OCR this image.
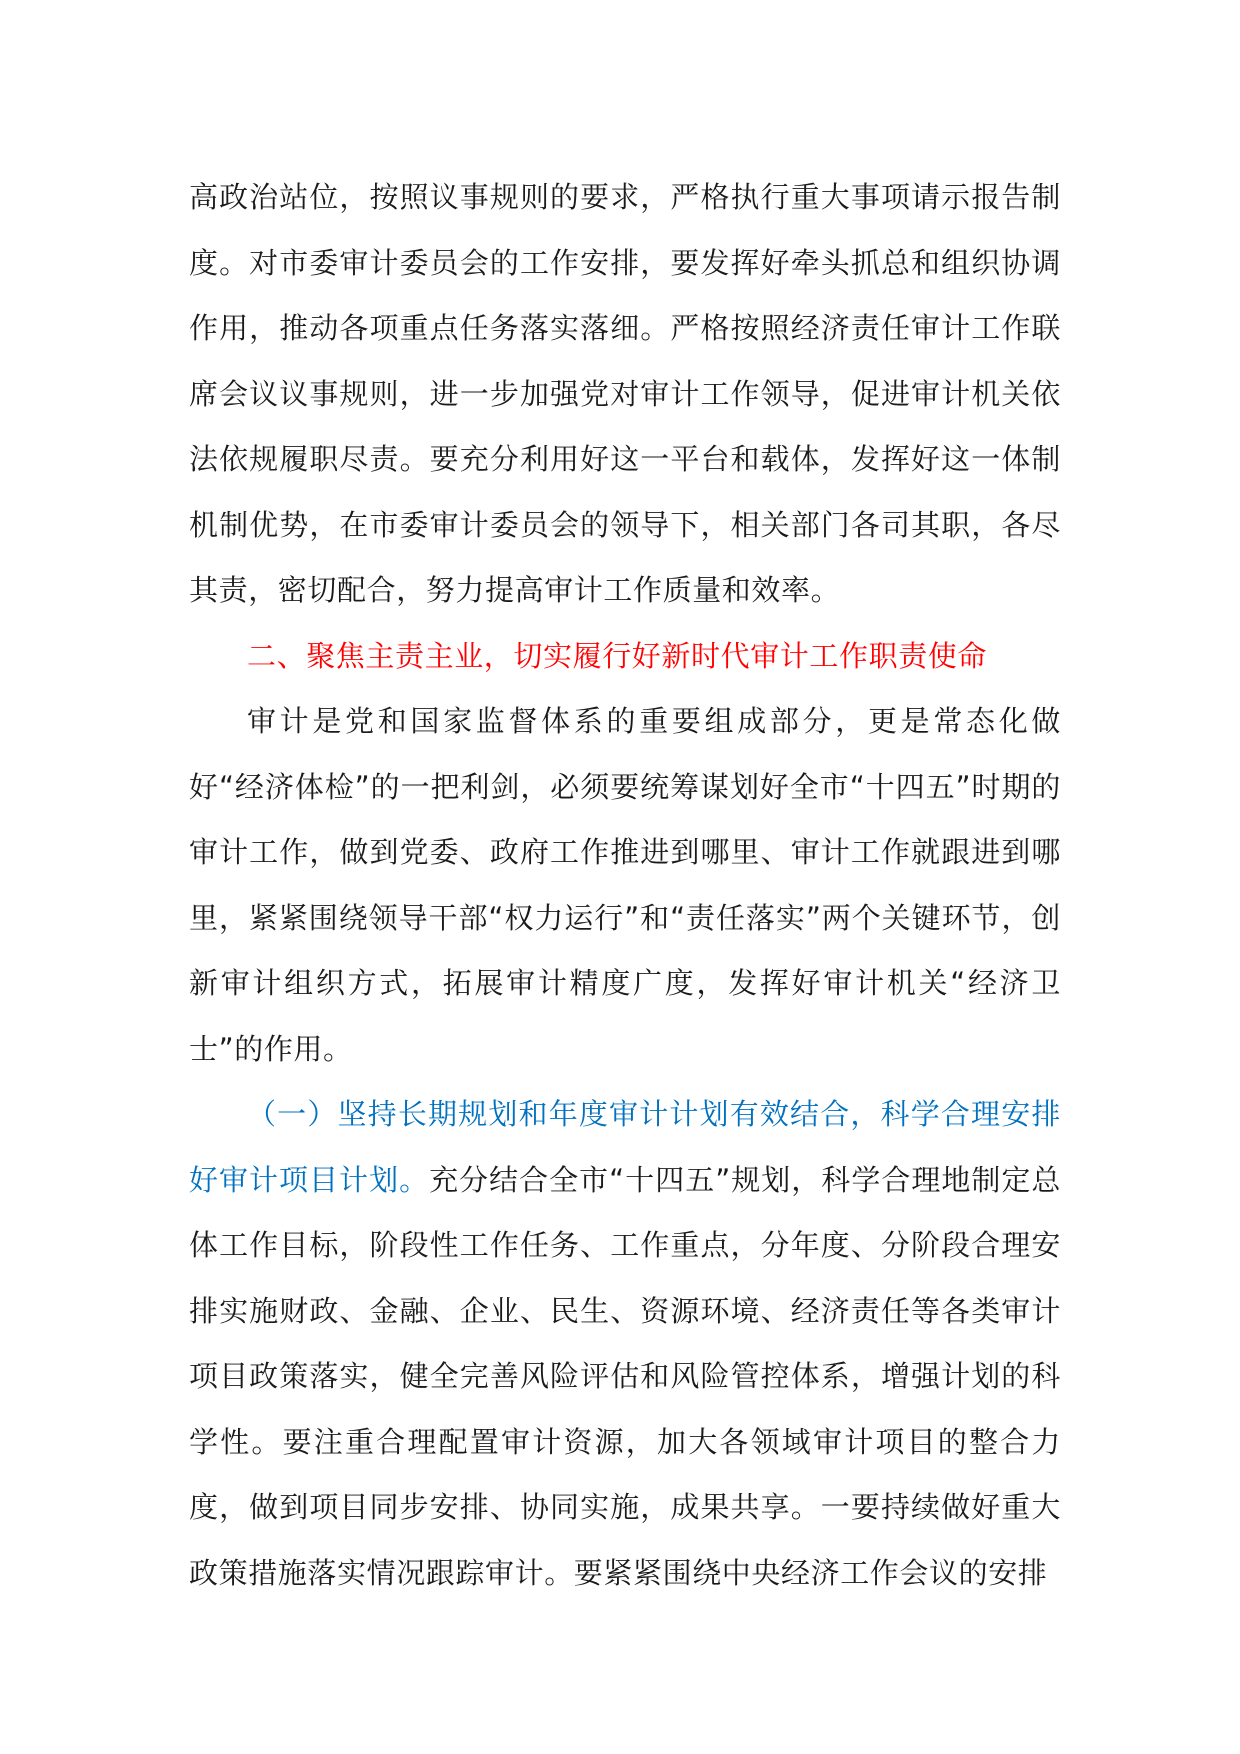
高政治站位，按照议事规则的要求，严格执行重大事项请示报告制度。对市委审计委员会的工作安排，要发挥好牵头抓总和组织协调作用，推动各项重点任务落实落细。严格按照经济责任审计工作联席会议议事规则，进一步加强党对审计工作领导，促进审计机关依法依规履职尽责。要充分利用好这一平台和载体，发挥好这一体制机制优势，在市委审计委员会的领导下，相关部门各司其职，各尽其责，密切配合，努力提高审计工作质量和效率。

二、聚焦主责主业，切实履行好新时代审计工作职责使命

审计是党和国家监督体系的重要组成部分，更是常态化做好“经济体检”的一把利剑，必须要统筹谋划好全市“十四五”时期的审计工作，做到党委、政府工作推进到哪里、审计工作就跟进到哪里，紧紧围绕领导干部“权力运行”和“责任落实”两个关键环节，创新审计组织方式，拓展审计精度广度，发挥好审计机关“经济卫士”的作用。

（一）坚持长期规划和年度审计计划有效结合，科学合理安排好审计项目计划。充分结合全市“十四五”规划，科学合理地制定总体工作目标，阶段性工作任务、工作重点，分年度、分阶段合理安排实施财政、金融、企业、民生、资源环境、经济责任等各类审计项目政策落实，健全完善风险评估和风险管控体系，增强计划的科学性。要注重合理配置审计资源，加大各领域审计项目的整合力度，做到项目同步安排、协同实施，成果共享。一要持续做好重大政策措施落实情况跟踪审计。要紧紧围绕中央经济工作会议的安排
